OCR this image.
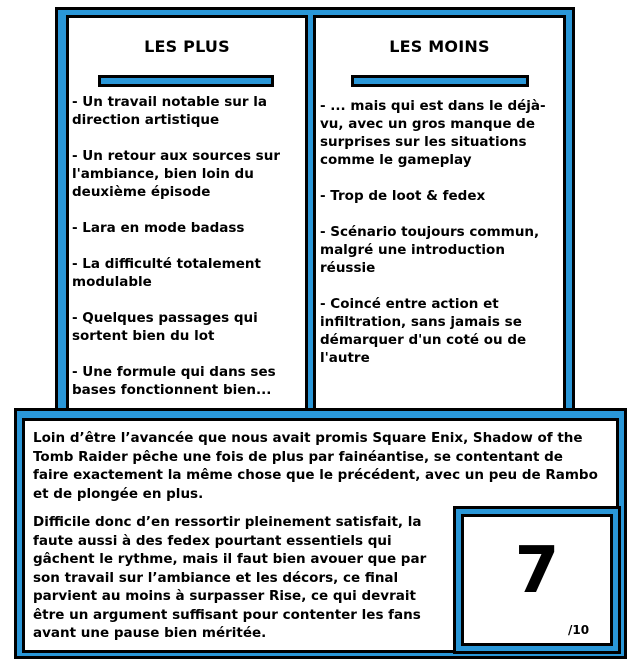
LES PLUS
- Un travail notable sur la direction artistique
- Un retour aux sources sur l'ambiance, bien loin du deuxième épisode
- Lara en mode badass
- La difficulté totalement modulable
- Quelques passages qui sortent bien du lot
- Une formule qui dans ses bases fonctionnent bien...
LES MOINS
- ... mais qui est dans le déjà-vu, avec un gros manque de surprises sur les situations comme le gameplay
- Trop de loot & fedex
- Scénario toujours commun, malgré une introduction réussie
- Coincé entre action et infiltration, sans jamais se démarquer d'un coté ou de l'autre

Loin d’être l’avancée que nous avait promis Square Enix, Shadow of the Tomb Raider pêche une fois de plus par fainéantise, se contentant de faire exactement la même chose que le précédent, avec un peu de Rambo et de plongée en plus.

Difficile donc d’en ressortir pleinement satisfait, la faute aussi à des fedex pourtant essentiels qui gâchent le rythme, mais il faut bien avouer que par son travail sur l’ambiance et les décors, ce final parvient au moins à surpasser Rise, ce qui devrait être un argument suffisant pour contenter les fans avant une pause bien méritée.

7
/10
